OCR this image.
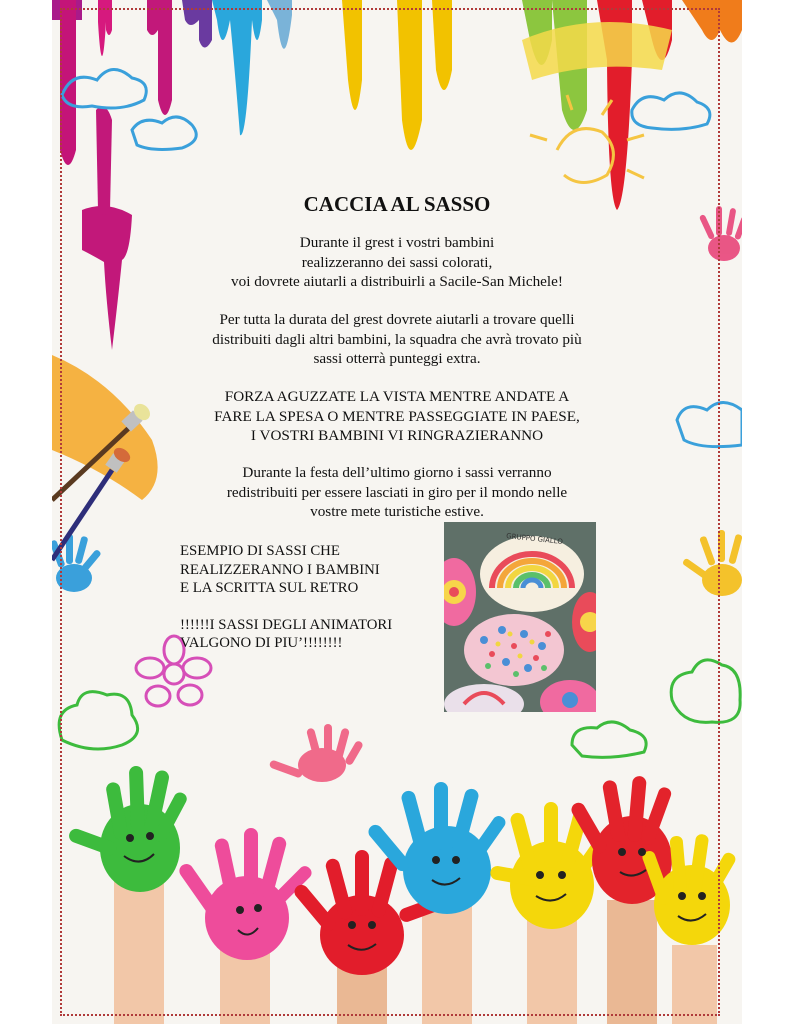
CACCIA AL SASSO
Durante il grest i vostri bambini
realizzeranno dei sassi colorati,
voi dovrete aiutarli a distribuirli a Sacile-San Michele!
Per tutta la durata del grest dovrete aiutarli a trovare quelli
distribuiti dagli altri bambini, la squadra che avrà trovato più
sassi otterrà punteggi extra.
FORZA AGUZZATE LA VISTA MENTRE ANDATE A
FARE LA SPESA O MENTRE PASSEGGIATE IN PAESE,
I VOSTRI BAMBINI VI RINGRAZIERANNO
Durante la festa dell’ultimo giorno i sassi verranno
redistribuiti per essere lasciati in giro per il mondo nelle
vostre mete turistiche estive.
ESEMPIO DI SASSI CHE
REALIZZERANNO I BAMBINI
E LA SCRITTA SUL RETRO
!!!!!!I SASSI DEGLI ANIMATORI
VALGONO DI PIU’!!!!!!!!
GRUPPO GIALLO
